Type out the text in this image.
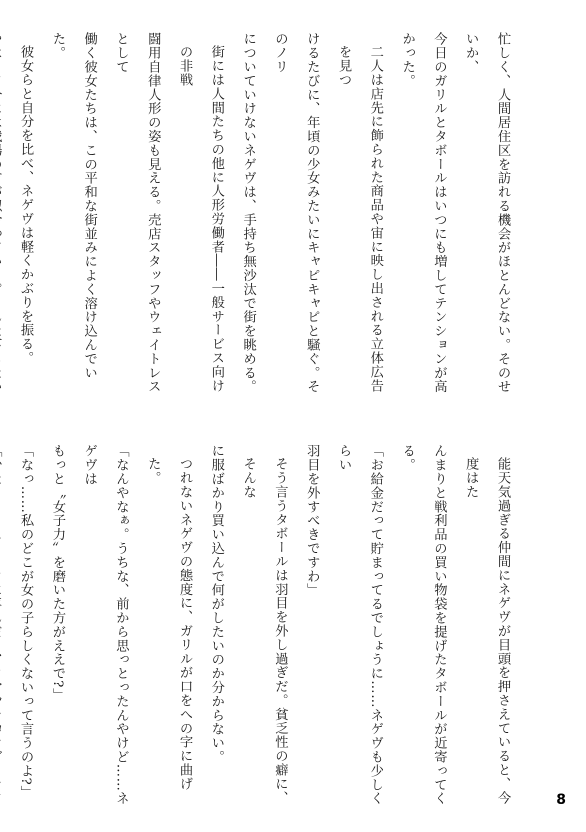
忙しく、人間居住区を訪れる機会がほとんどない。そのせいか、
今日のガリルとタボールはいつにも増してテンションが高かった。
二人は店先に飾られた商品や宙に映し出される立体広告を見つ
けるたびに、年頃の少女みたいにキャピキャピと騒ぐ。そのノリ
についていけないネゲヴは、手持ち無沙汰で街を眺める。
街には人間たちの他に人形労働者――一般サービス向けの非戦
闘用自律人形の姿も見える。売店スタッフやウェイトレスとして
働く彼女たちは、この平和な街並みによく溶け込んでいた。
彼女らと自分を比べ、ネゲヴは軽くかぶりを振る。
能天気過ぎる仲間にネゲヴが目頭を押さえていると、今度はた
んまりと戦利品の買い物袋を提げたタボールが近寄ってくる。
「お給金だって貯まってるでしょうに……ネゲヴも少しくらい
羽目を外すべきですわ」
そう言うタボールは羽目を外し過ぎだ。貧乏性の癖に、そんな
に服ばかり買い込んで何がしたいのか分からない。
つれないネゲヴの態度に、ガリルが口をへの字に曲げた。
「なんやなぁ。うちな、前から思っとったんやけど……ネゲヴは
もっと〝女子力〟を磨いた方がええで?」
「なっ……私のどこが女の子らしくないって言うのよ?」
8
